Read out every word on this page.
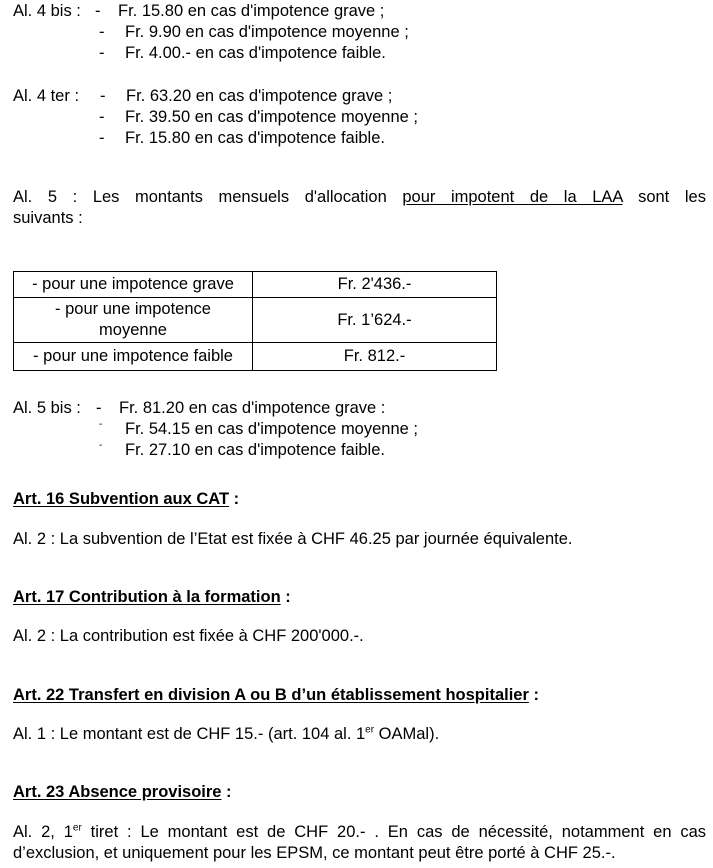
Al. 4 bis : - Fr. 15.80 en cas d'impotence grave ;
- Fr. 9.90 en cas d'impotence moyenne ;
- Fr. 4.00.- en cas d'impotence faible.
Al. 4 ter : - Fr. 63.20 en cas d'impotence grave ;
- Fr. 39.50 en cas d'impotence moyenne ;
- Fr. 15.80 en cas d'impotence faible.
Al. 5 : Les montants mensuels d'allocation pour impotent de la LAA sont les
suivants :
- pour une impotence grave	Fr. 2'436.-

- pour une impotence
moyenne	Fr. 1’624.-
- pour une impotence faible	Fr. 812.-
Al. 5 bis : - Fr. 81.20 en cas d'impotence grave :
- Fr. 54.15 en cas d'impotence moyenne ;
- Fr. 27.10 en cas d'impotence faible.
Art. 16 Subvention aux CAT :
Al. 2 : La subvention de l’Etat est fixée à CHF 46.25 par journée équivalente.
Art. 17 Contribution à la formation :
Al. 2 : La contribution est fixée à CHF 200'000.-.
Art. 22 Transfert en division A ou B d’un établissement hospitalier :
Al. 1 : Le montant est de CHF 15.- (art. 104 al. 1er OAMal).
Art. 23 Absence provisoire :
Al. 2, 1er tiret : Le montant est de CHF 20.- . En cas de nécessité, notamment en cas
d’exclusion, et uniquement pour les EPSM, ce montant peut être porté à CHF 25.-.
